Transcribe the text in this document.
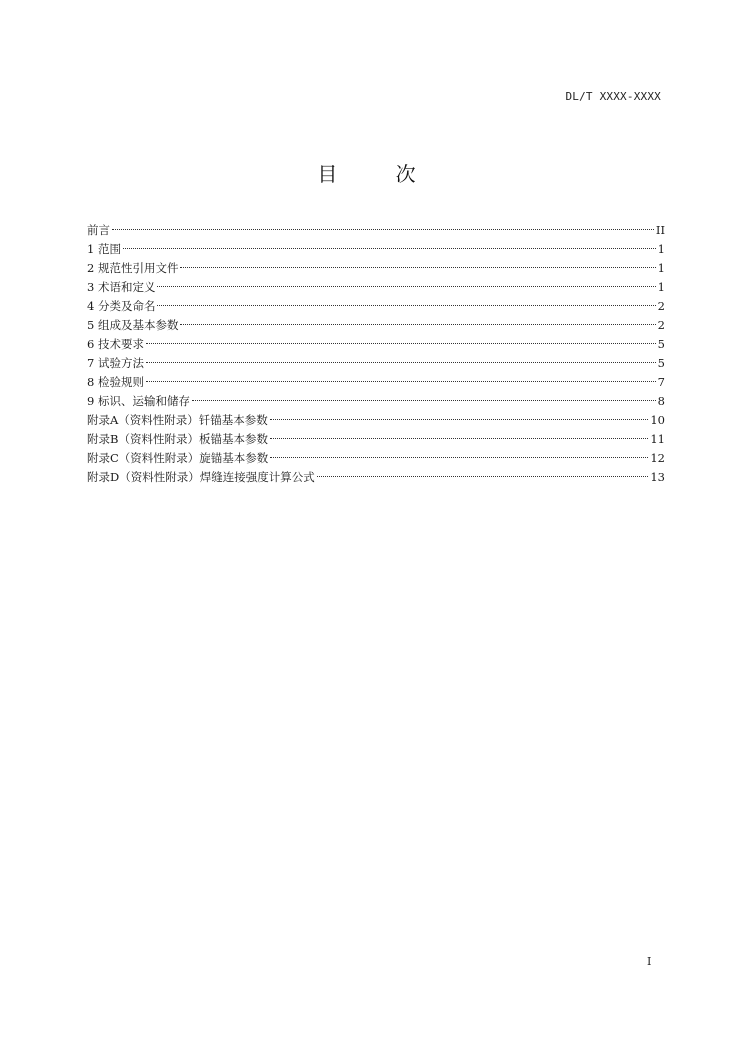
DL/T XXXX-XXXX
目 次
前言	II
1 范围	1
2 规范性引用文件	1
3 术语和定义	1
4 分类及命名	2
5 组成及基本参数	2
6 技术要求	5
7 试验方法	5
8 检验规则	7
9 标识、运输和储存	8
附录A（资料性附录）钎锚基本参数	10
附录B（资料性附录）板锚基本参数	11
附录C（资料性附录）旋锚基本参数	12
附录D（资料性附录）焊缝连接强度计算公式	13
I
